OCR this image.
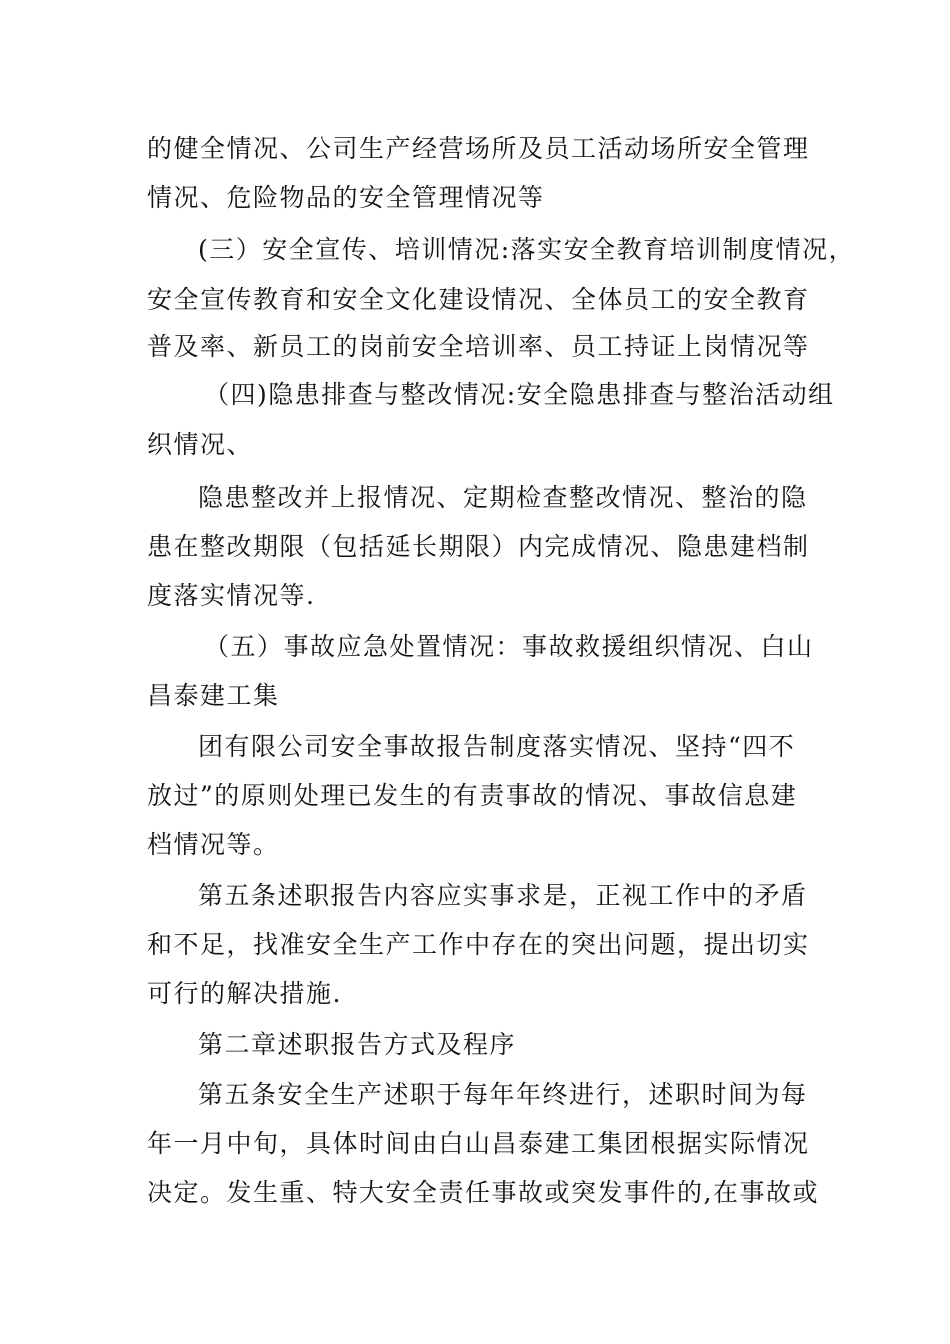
的健全情况、公司生产经营场所及员工活动场所安全管理
情况、危险物品的安全管理情况等
(三）安全宣传、培训情况:落实安全教育培训制度情况，
安全宣传教育和安全文化建设情况、全体员工的安全教育
普及率、新员工的岗前安全培训率、员工持证上岗情况等
（四)隐患排查与整改情况:安全隐患排查与整治活动组
织情况、
隐患整改并上报情况、定期检查整改情况、整治的隐
患在整改期限（包括延长期限）内完成情况、隐患建档制
度落实情况等.
（五）事故应急处置情况：事故救援组织情况、白山
昌泰建工集
团有限公司安全事故报告制度落实情况、坚持“四不
放过”的原则处理已发生的有责事故的情况、事故信息建
档情况等。
第五条述职报告内容应实事求是，正视工作中的矛盾
和不足，找准安全生产工作中存在的突出问题，提出切实
可行的解决措施.
第二章述职报告方式及程序
第五条安全生产述职于每年年终进行，述职时间为每
年一月中旬，具体时间由白山昌泰建工集团根据实际情况
决定。发生重、特大安全责任事故或突发事件的,在事故或
